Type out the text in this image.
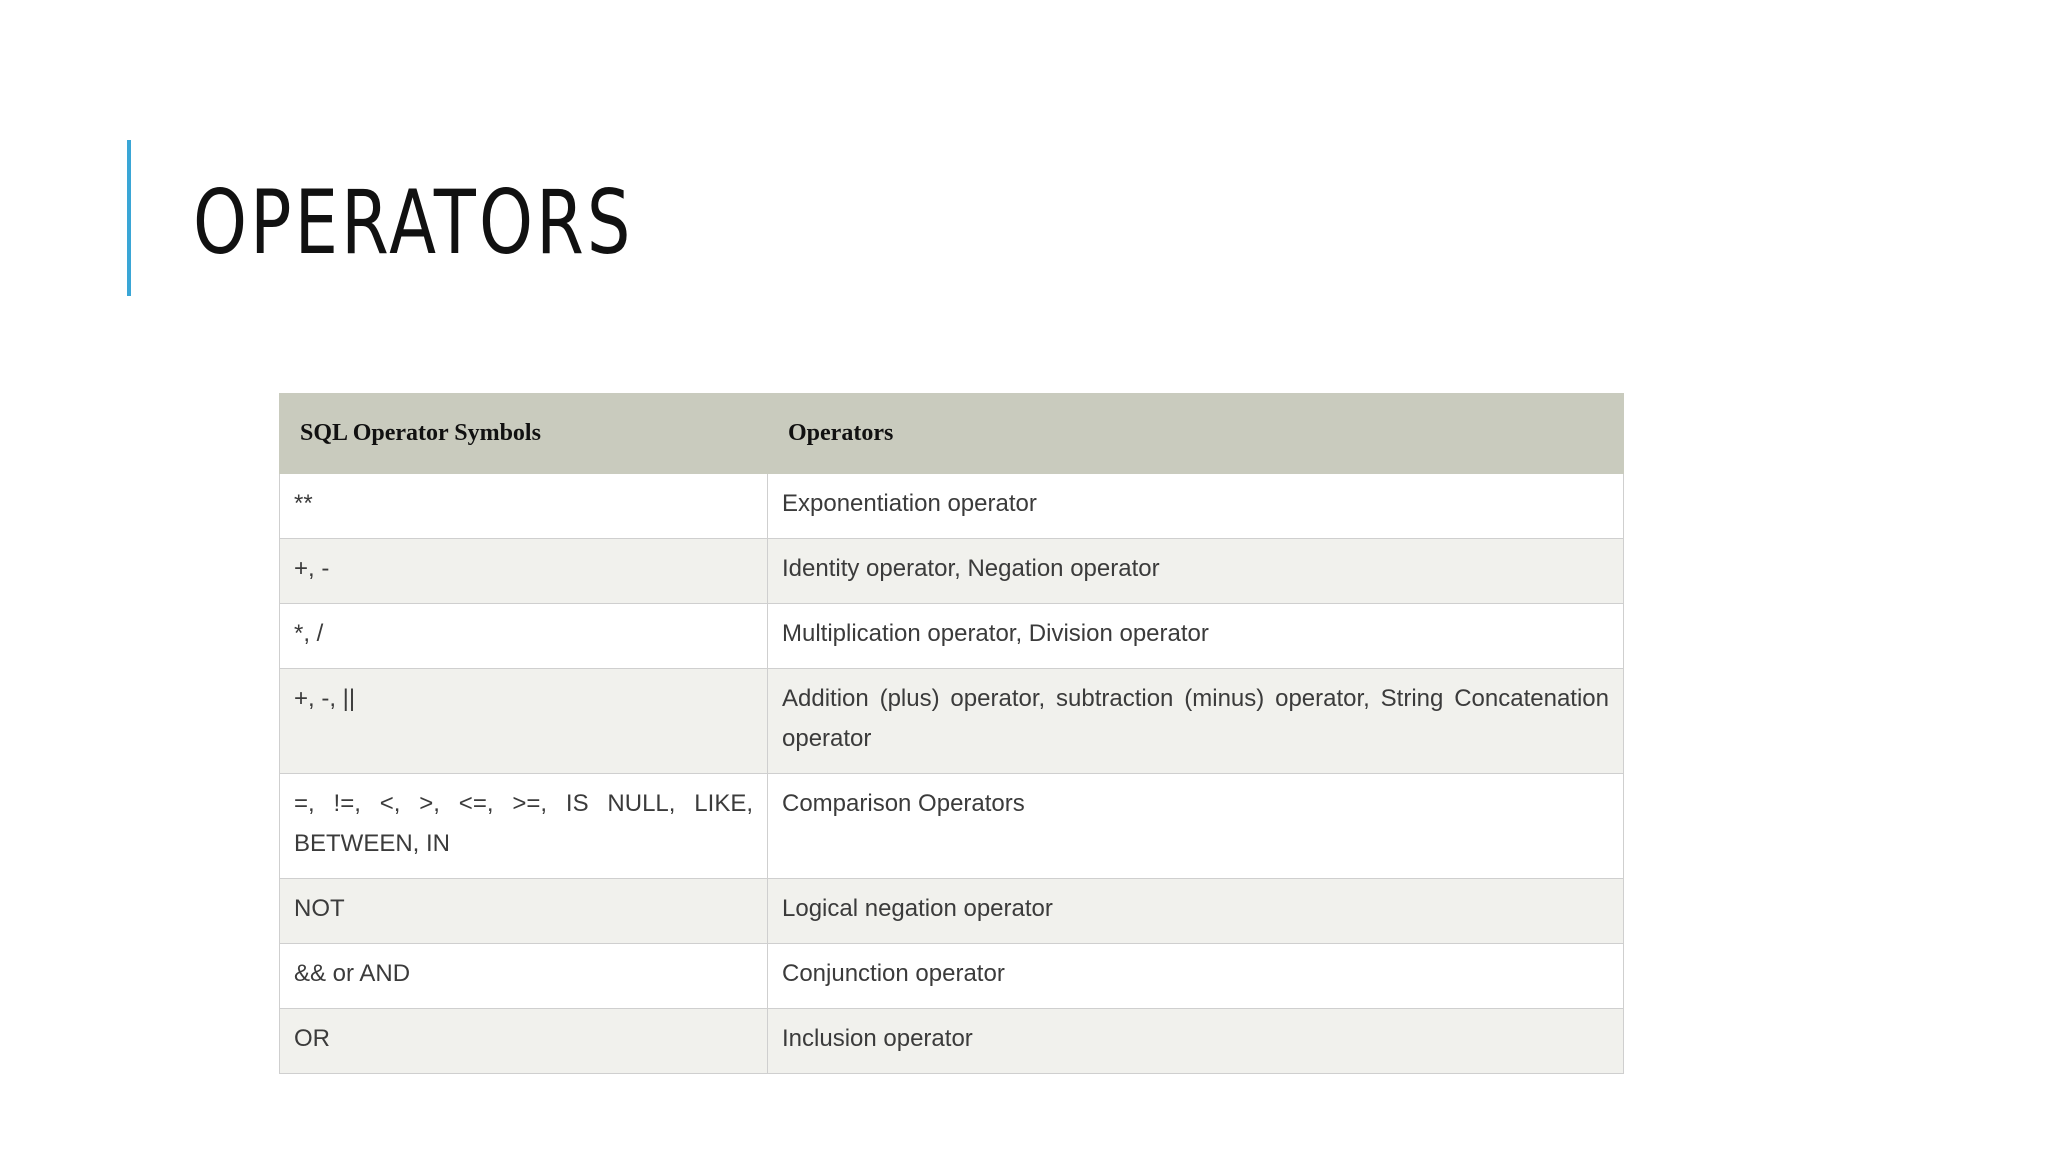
OPERATORS
SQL Operator Symbols	Operators
**	Exponentiation operator
+, -	Identity operator, Negation operator
*, /	Multiplication operator, Division operator
+, -, ||	Addition (plus) operator, subtraction (minus) operator, String Concatenation operator
=, !=, <, >, <=, >=, IS NULL, LIKE, BETWEEN, IN	Comparison Operators
NOT	Logical negation operator
&& or AND	Conjunction operator
OR	Inclusion operator
